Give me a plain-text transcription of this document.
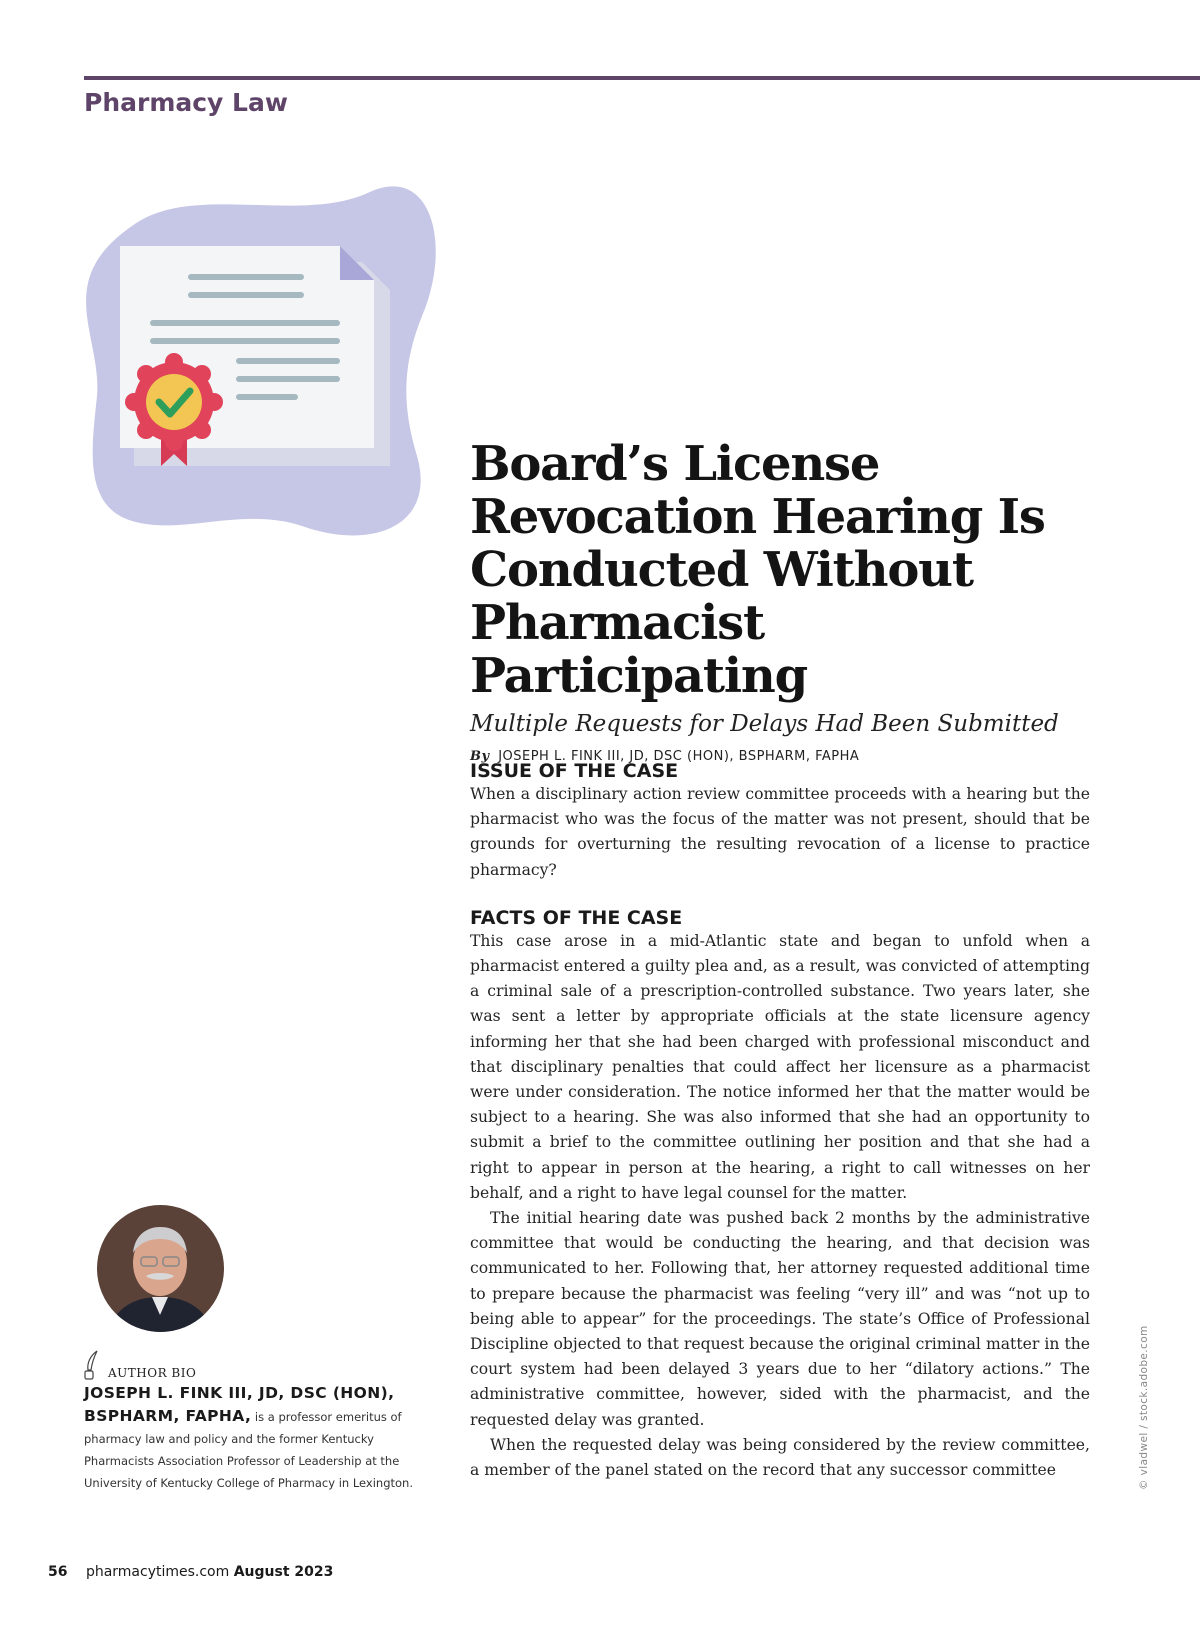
Pharmacy Law
Board’s License Revocation Hearing Is Conducted Without Pharmacist Participating
Multiple Requests for Delays Had Been Submitted
By JOSEPH L. FINK III, JD, DSC (HON), BSPHARM, FAPHA
ISSUE OF THE CASE

When a disciplinary action review committee proceeds with a hearing but the pharmacist who was the focus of the matter was not present, should that be grounds for overturning the resulting revocation of a license to practice pharmacy?

FACTS OF THE CASE

This case arose in a mid-Atlantic state and began to unfold when a pharmacist entered a guilty plea and, as a result, was convicted of attempting a criminal sale of a prescription-controlled substance. Two years later, she was sent a letter by appropriate officials at the state licensure agency informing her that she had been charged with professional misconduct and that disciplinary penalties that could affect her licensure as a pharmacist were under consideration. The notice informed her that the matter would be subject to a hearing. She was also informed that she had an opportunity to submit a brief to the committee outlining her position and that she had a right to appear in person at the hearing, a right to call witnesses on her behalf, and a right to have legal counsel for the matter.

The initial hearing date was pushed back 2 months by the administrative committee that would be conducting the hearing, and that decision was communicated to her. Following that, her attorney requested additional time to prepare because the pharmacist was feeling “very ill” and was “not up to being able to appear” for the proceedings. The state’s Office of Professional Discipline objected to that request because the original criminal matter in the court system had been delayed 3 years due to her “dilatory actions.” The administrative committee, however, sided with the pharmacist, and the requested delay was granted.

When the requested delay was being considered by the review committee, a member of the panel stated on the record that any successor committee

AUTHOR BIO
JOSEPH L. FINK III, JD, DSC (HON), BSPHARM, FAPHA, is a professor emeritus of pharmacy law and policy and the former Kentucky Pharmacists Association Professor of Leadership at the University of Kentucky College of Pharmacy in Lexington.	© vladwel / stock.adobe.com
56 pharmacytimes.com August 2023
